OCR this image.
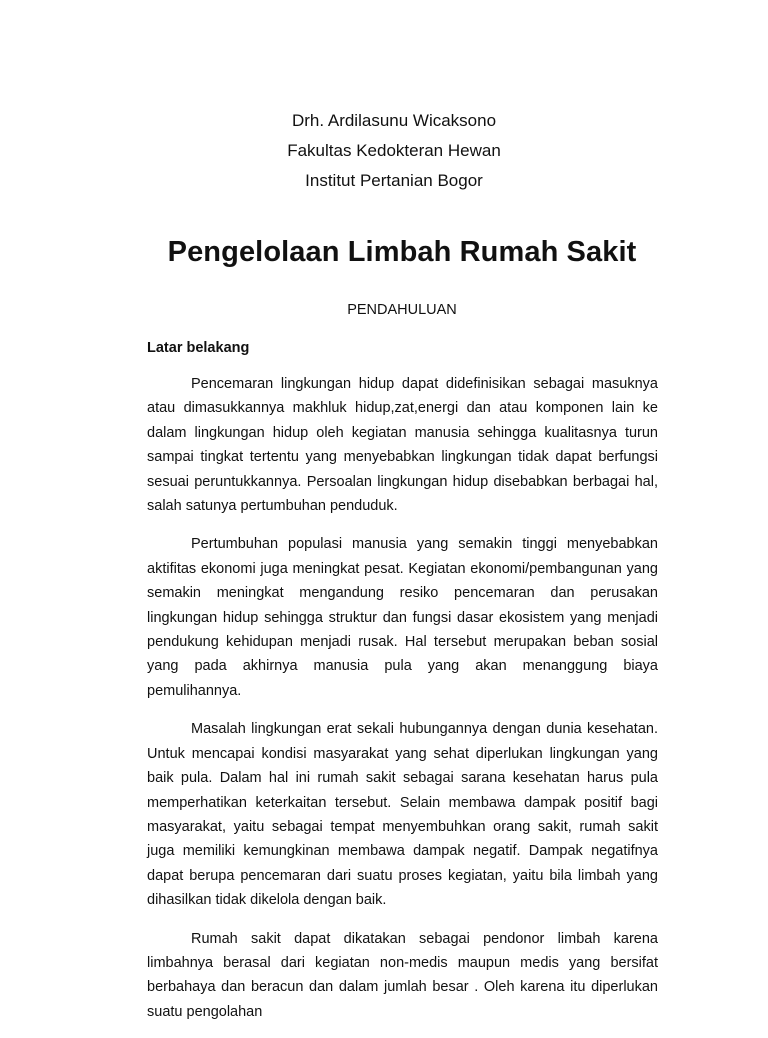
Drh. Ardilasunu Wicaksono
Fakultas Kedokteran Hewan
Institut Pertanian Bogor
Pengelolaan Limbah Rumah Sakit
PENDAHULUAN
Latar belakang

Pencemaran lingkungan hidup dapat didefinisikan sebagai masuknya atau dimasukkannya makhluk hidup,zat,energi dan atau komponen lain ke dalam lingkungan hidup oleh kegiatan manusia sehingga kualitasnya turun sampai tingkat tertentu yang menyebabkan lingkungan tidak dapat berfungsi sesuai peruntukkannya. Persoalan lingkungan hidup disebabkan berbagai hal, salah satunya pertumbuhan penduduk.

Pertumbuhan populasi manusia yang semakin tinggi menyebabkan aktifitas ekonomi juga meningkat pesat. Kegiatan ekonomi/pembangunan yang semakin meningkat mengandung resiko pencemaran dan perusakan lingkungan hidup sehingga struktur dan fungsi dasar ekosistem yang menjadi pendukung kehidupan menjadi rusak. Hal tersebut merupakan beban sosial yang pada akhirnya manusia pula yang akan menanggung biaya pemulihannya.

Masalah lingkungan erat sekali hubungannya dengan dunia kesehatan. Untuk mencapai kondisi masyarakat yang sehat diperlukan lingkungan yang baik pula. Dalam hal ini rumah sakit sebagai sarana kesehatan harus pula memperhatikan keterkaitan tersebut. Selain membawa dampak positif bagi masyarakat, yaitu sebagai tempat menyembuhkan orang sakit, rumah sakit juga memiliki kemungkinan membawa dampak negatif. Dampak negatifnya dapat berupa pencemaran dari suatu proses kegiatan, yaitu bila limbah yang dihasilkan tidak dikelola dengan baik.

Rumah sakit dapat dikatakan sebagai pendonor limbah karena limbahnya berasal dari kegiatan non-medis maupun medis yang bersifat berbahaya dan beracun dan dalam jumlah besar . Oleh karena itu diperlukan suatu pengolahan
